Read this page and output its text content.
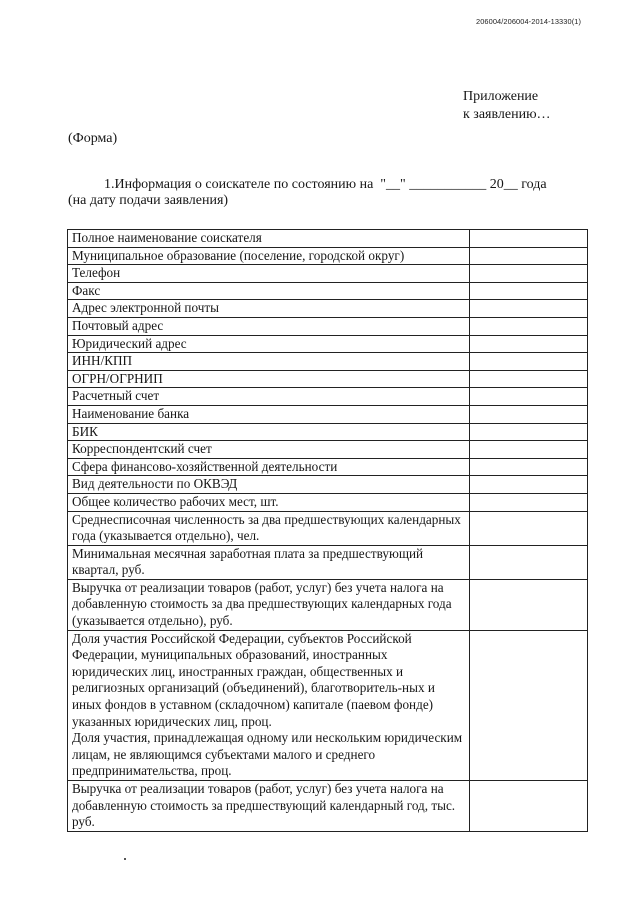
206004/206004-2014-13330(1)
Приложение
к заявлению…
(Форма)
1.Информация о соискателе по состоянию на  "__" ___________ 20__ года
(на дату подачи заявления)
Полное наименование соискателя	
Муниципальное образование (поселение, городской округ)	
Телефон	
Факс	
Адрес электронной почты	
Почтовый адрес	
Юридический адрес	
ИНН/КПП	
ОГРН/ОГРНИП	
Расчетный счет	
Наименование банка	
БИК	
Корреспондентский счет	
Сфера финансово-хозяйственной деятельности	
Вид деятельности по ОКВЭД	
Общее количество рабочих мест, шт.	
Среднесписочная численность за два предшествующих календарных года (указывается отдельно), чел.	
Минимальная месячная заработная плата за предшествующий квартал, руб.	
Выручка от реализации товаров (работ, услуг) без учета налога на добавленную стоимость за два предшествующих календарных года (указывается отдельно), руб.	
Доля участия Российской Федерации, субъектов Российской Федерации, муниципальных образований, иностранных юридических лиц, иностранных граждан, общественных и религиозных организаций (объединений), благотворитель-ных и иных фондов в уставном (складочном) капитале (паевом фонде) указанных юридических лиц, проц.
Доля участия, принадлежащая одному или нескольким юридическим лицам, не являющимся субъектами малого и среднего предпринимательства, проц.	
Выручка от реализации товаров (работ, услуг) без учета налога на добавленную стоимость за предшествующий календарный год, тыс. руб.	
